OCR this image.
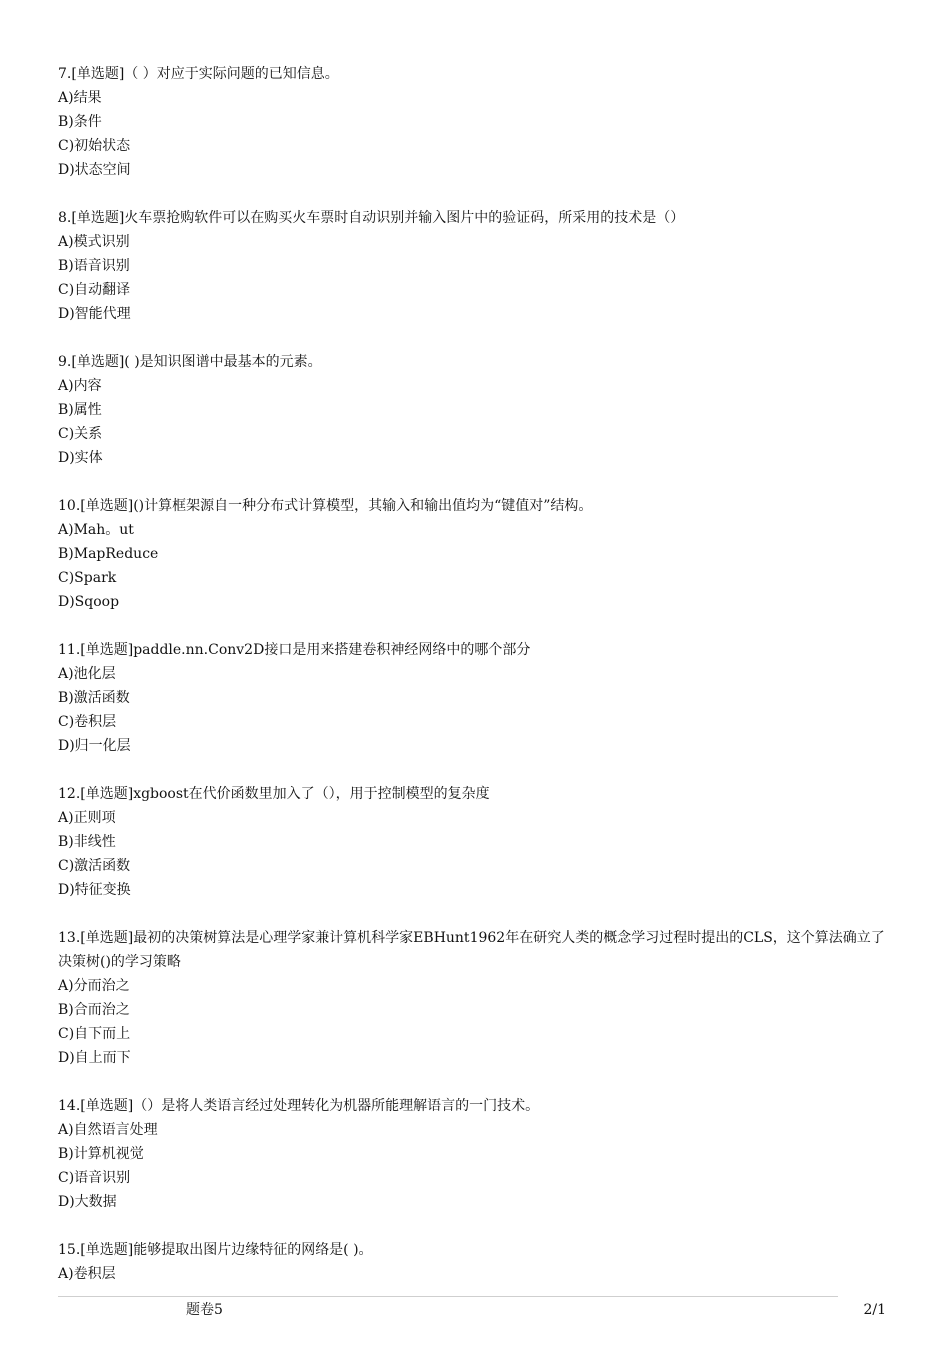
7.[单选题]（ ）对应于实际问题的已知信息。
A)结果
B)条件
C)初始状态
D)状态空间
8.[单选题]火车票抢购软件可以在购买火车票时自动识别并输入图片中的验证码，所采用的技术是（）
A)模式识别
B)语音识别
C)自动翻译
D)智能代理
9.[单选题]( )是知识图谱中最基本的元素。
A)内容
B)属性
C)关系
D)实体
10.[单选题]()计算框架源自一种分布式计算模型，其输入和输出值均为“键值对”结构。
A)Mah。ut
B)MapReduce
C)Spark
D)Sqoop
11.[单选题]paddle.nn.Conv2D接口是用来搭建卷积神经网络中的哪个部分
A)池化层
B)激活函数
C)卷积层
D)归一化层
12.[单选题]xgboost在代价函数里加入了（），用于控制模型的复杂度
A)正则项
B)非线性
C)激活函数
D)特征变换
13.[单选题]最初的决策树算法是心理学家兼计算机科学家EBHunt1962年在研究人类的概念学习过程时提出的CLS，这个算法确立了决策树()的学习策略
A)分而治之
B)合而治之
C)自下而上
D)自上而下
14.[单选题]（）是将人类语言经过处理转化为机器所能理解语言的一门技术。
A)自然语言处理
B)计算机视觉
C)语音识别
D)大数据
15.[单选题]能够提取出图片边缘特征的网络是( )。
A)卷积层
题卷5	2/1
